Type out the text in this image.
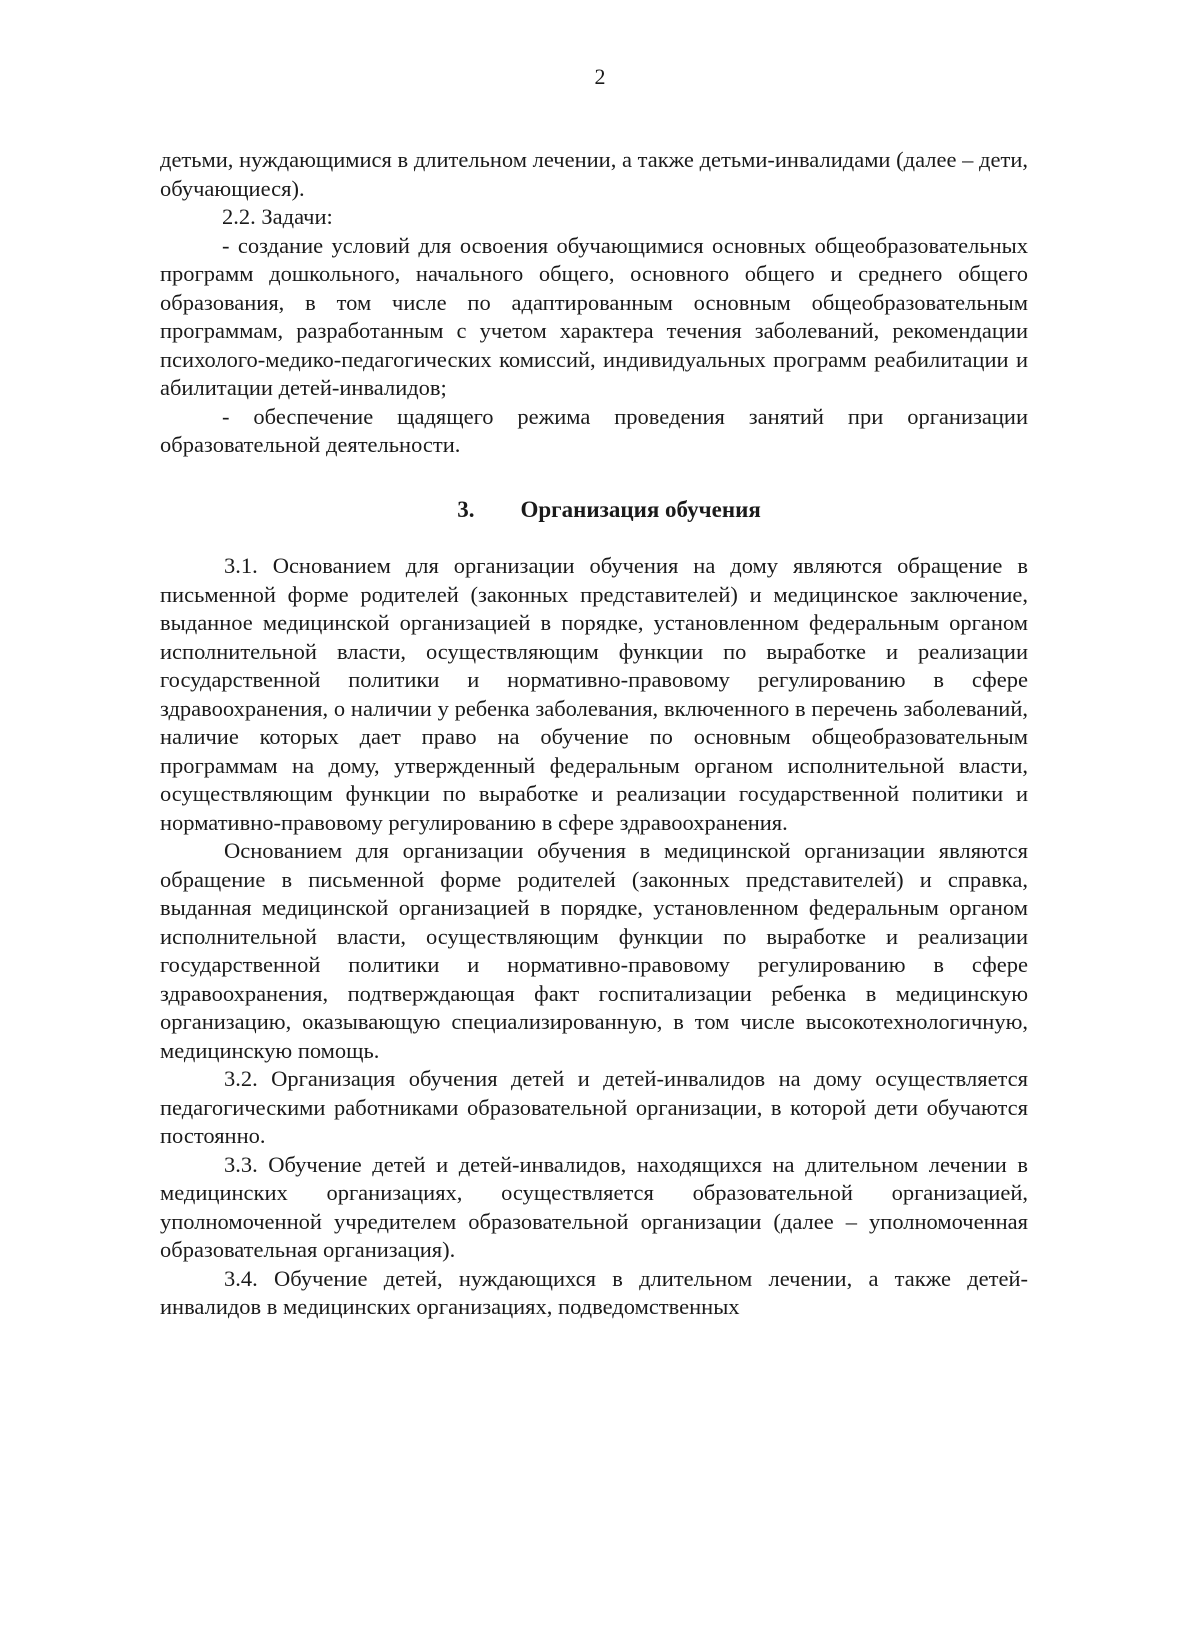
2

детьми, нуждающимися в длительном лечении, а также детьми-инвалидами (далее – дети, обучающиеся).

2.2. Задачи:

- создание условий для освоения обучающимися основных общеобразовательных программ дошкольного, начального общего, основного общего и среднего общего образования, в том числе по адаптированным основным общеобразовательным программам, разработанным с учетом характера течения заболеваний, рекомендации психолого-медико-педагогических комиссий, индивидуальных программ реабилитации и абилитации детей-инвалидов;

- обеспечение щадящего режима проведения занятий при организации образовательной деятельности.

3. Организация обучения

3.1. Основанием для организации обучения на дому являются обращение в письменной форме родителей (законных представителей) и медицинское заключение, выданное медицинской организацией в порядке, установленном федеральным органом исполнительной власти, осуществляющим функции по выработке и реализации государственной политики и нормативно-правовому регулированию в сфере здравоохранения, о наличии у ребенка заболевания, включенного в перечень заболеваний, наличие которых дает право на обучение по основным общеобразовательным программам на дому, утвержденный федеральным органом исполнительной власти, осуществляющим функции по выработке и реализации государственной политики и нормативно-правовому регулированию в сфере здравоохранения.

Основанием для организации обучения в медицинской организации являются обращение в письменной форме родителей (законных представителей) и справка, выданная медицинской организацией в порядке, установленном федеральным органом исполнительной власти, осуществляющим функции по выработке и реализации государственной политики и нормативно-правовому регулированию в сфере здравоохранения, подтверждающая факт госпитализации ребенка в медицинскую организацию, оказывающую специализированную, в том числе высокотехнологичную, медицинскую помощь.

3.2. Организация обучения детей и детей-инвалидов на дому осуществляется педагогическими работниками образовательной организации, в которой дети обучаются постоянно.

3.3. Обучение детей и детей-инвалидов, находящихся на длительном лечении в медицинских организациях, осуществляется образовательной организацией, уполномоченной учредителем образовательной организации (далее – уполномоченная образовательная организация).

3.4. Обучение детей, нуждающихся в длительном лечении, а также детей-инвалидов в медицинских организациях, подведомственных
